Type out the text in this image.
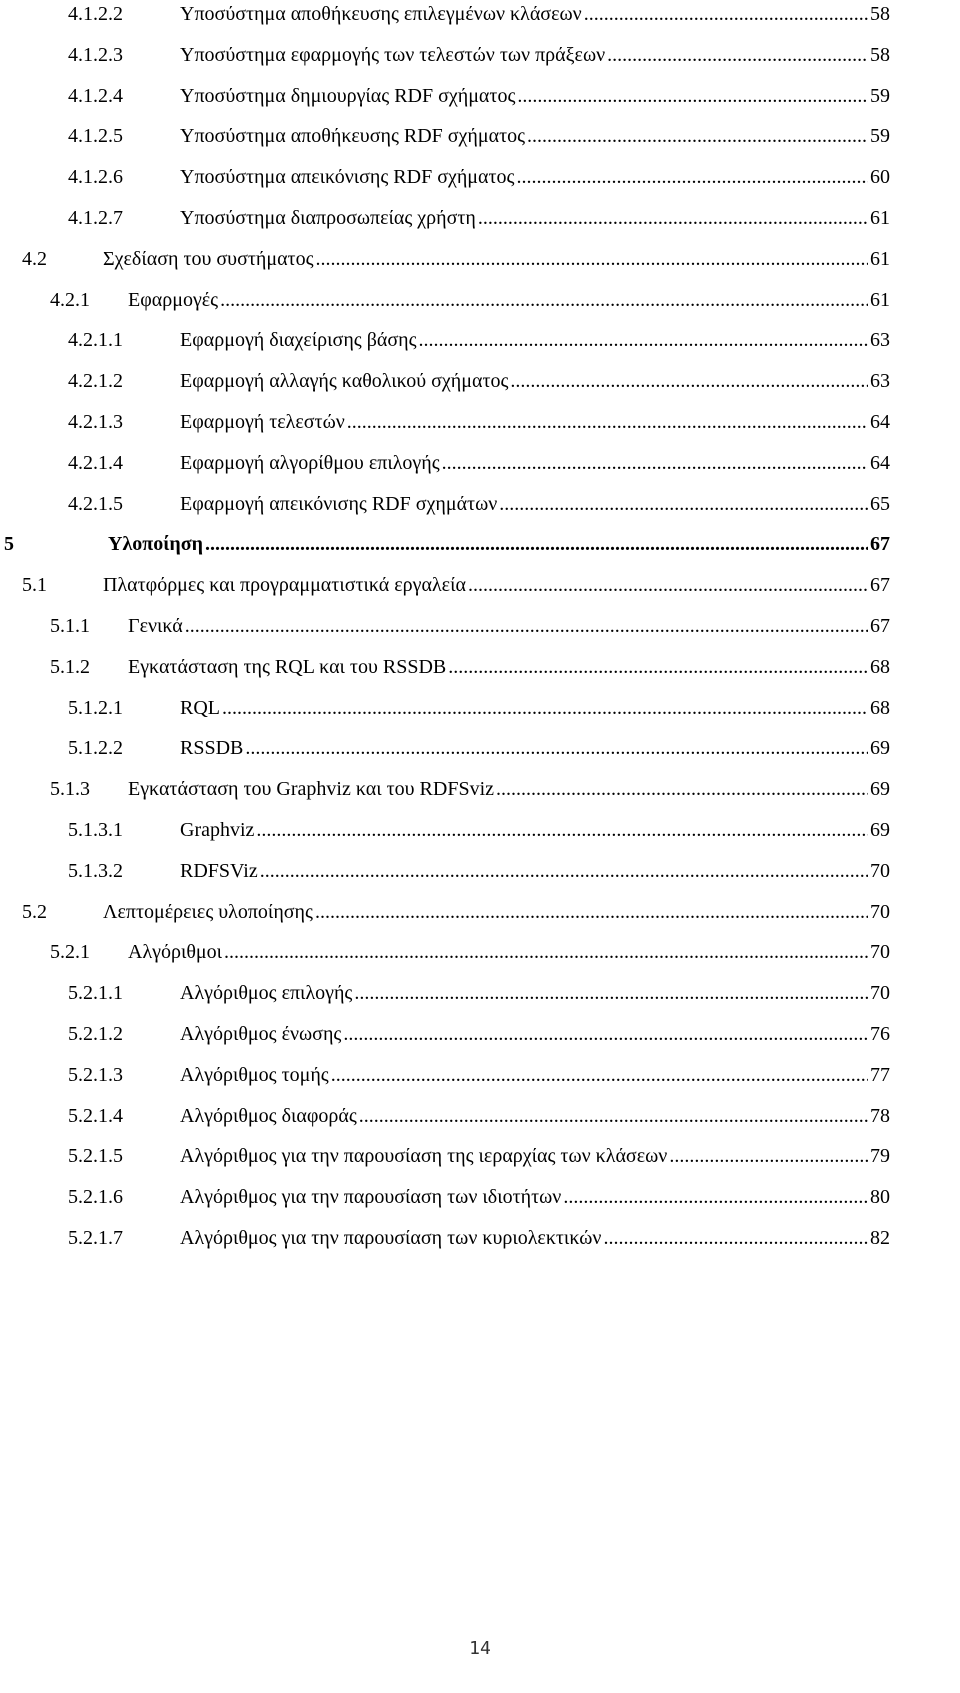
4.1.2.2	Υποσύστημα αποθήκευσης επιλεγμένων κλάσεων .....	58
4.1.2.3	Υποσύστημα εφαρμογής των τελεστών των πράξεων .....	58
4.1.2.4	Υποσύστημα δημιουργίας RDF σχήματος .....	59
4.1.2.5	Υποσύστημα αποθήκευσης RDF σχήματος .....	59
4.1.2.6	Υποσύστημα απεικόνισης RDF σχήματος .....	60
4.1.2.7	Υποσύστημα διαπροσωπείας χρήστη .....	61
4.2	Σχεδίαση του συστήματος .....	61
4.2.1 Εφαρμογές .....	61
4.2.1.1	Εφαρμογή διαχείρισης βάσης .....	63
4.2.1.2	Εφαρμογή αλλαγής καθολικού σχήματος .....	63
4.2.1.3	Εφαρμογή τελεστών .....	64
4.2.1.4	Εφαρμογή αλγορίθμου επιλογής .....	64
4.2.1.5	Εφαρμογή απεικόνισης RDF σχημάτων .....	65
5	Υλοποίηση .....	67
5.1	Πλατφόρμες και προγραμματιστικά εργαλεία .....	67
5.1.1 Γενικά .....	67
5.1.2 Εγκατάσταση της RQL και του RSSDB .....	68
5.1.2.1	RQL .....	68
5.1.2.2	RSSDB .....	69
5.1.3 Εγκατάσταση του Graphviz και του RDFSviz .....	69
5.1.3.1	Graphviz .....	69
5.1.3.2	RDFSViz .....	70
5.2	Λεπτομέρειες υλοποίησης .....	70
5.2.1 Αλγόριθμοι .....	70
5.2.1.1	Αλγόριθμος επιλογής .....	70
5.2.1.2	Αλγόριθμος ένωσης .....	76
5.2.1.3	Αλγόριθμος τομής .....	77
5.2.1.4	Αλγόριθμος διαφοράς .....	78
5.2.1.5	Αλγόριθμος για την παρουσίαση της ιεραρχίας των κλάσεων .....	79
5.2.1.6	Αλγόριθμος για την παρουσίαση των ιδιοτήτων .....	80
5.2.1.7	Αλγόριθμος για την παρουσίαση των κυριολεκτικών .....	82
14
